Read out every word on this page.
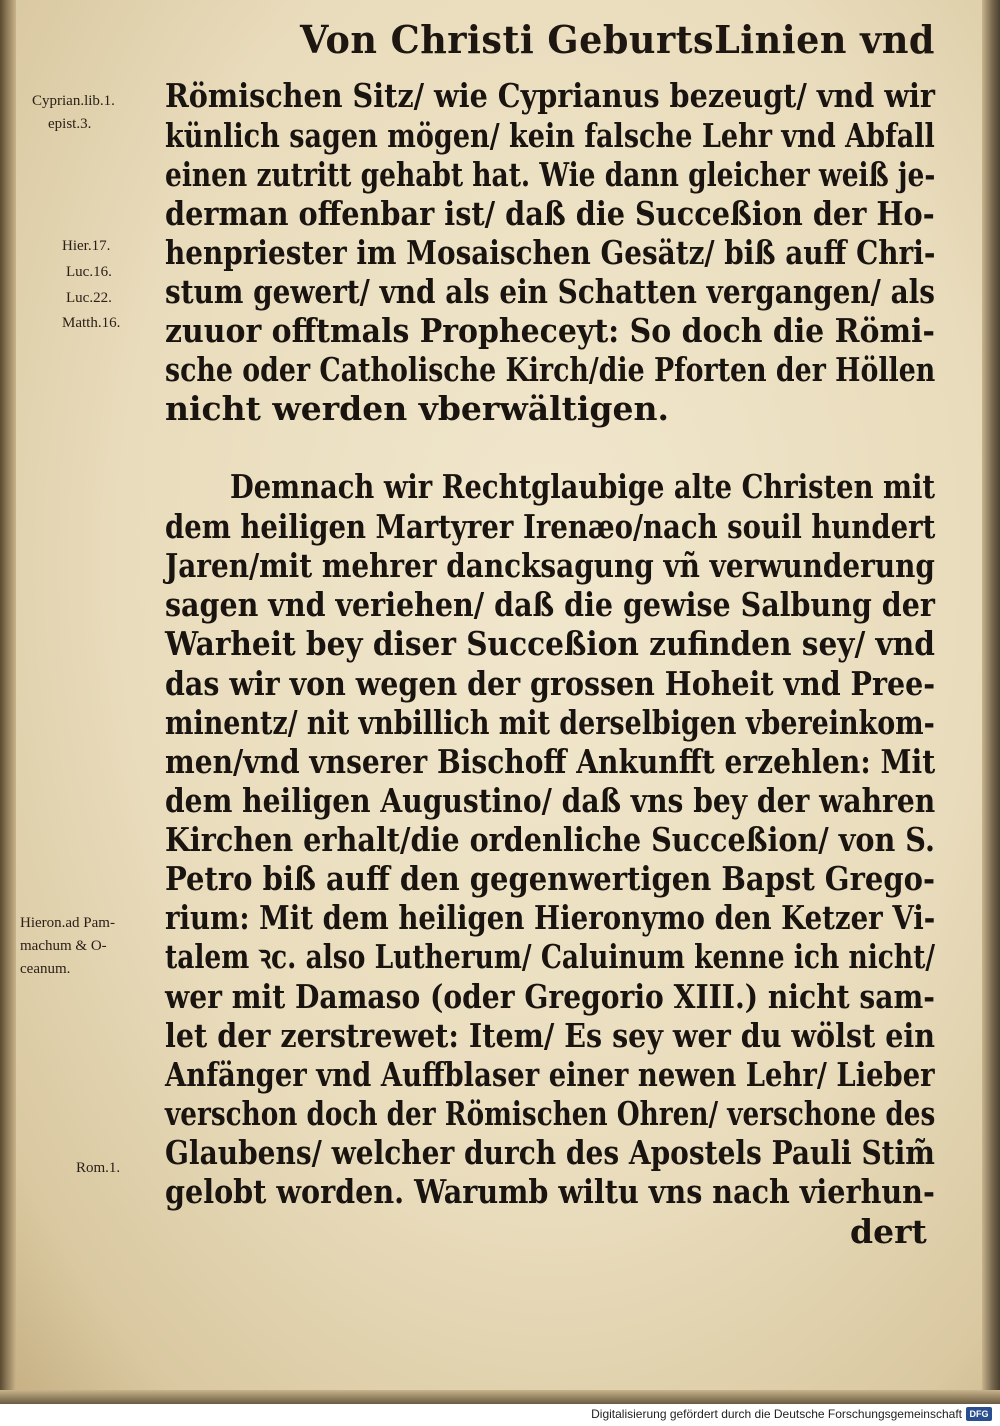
Von Christi GeburtsLinien vnd
Cyprian.lib.1.
epist.3.
Hier.17.
Luc.16.
Luc.22.
Matth.16.
Hieron.ad Pam-
machum & O-
ceanum.
Rom.1.
Römischen Sitz/ wie Cyprianus bezeugt/ vnd wir
künlich sagen mögen/ kein falsche Lehr vnd Abfall
einen zutritt gehabt hat. Wie dann gleicher weiß je-
derman offenbar ist/ daß die Succeßion der Ho-
henpriester im Mosaischen Gesätz/ biß auff Chri-
stum gewert/ vnd als ein Schatten vergangen/ als
zuuor offtmals Propheceyt: So doch die Römi-
sche oder Catholische Kirch/die Pforten der Höllen
nicht werden vberwältigen.
Demnach wir Rechtglaubige alte Christen mit
dem heiligen Martyrer Irenæo/nach souil hundert
Jaren/mit mehrer dancksagung vñ verwunderung
sagen vnd veriehen/ daß die gewise Salbung der
Warheit bey diser Succeßion zufinden sey/ vnd
das wir von wegen der grossen Hoheit vnd Pree-
minentz/ nit vnbillich mit derselbigen vbereinkom-
men/vnd vnserer Bischoff Ankunfft erzehlen: Mit
dem heiligen Augustino/ daß vns bey der wahren
Kirchen erhalt/die ordenliche Succeßion/ von S.
Petro biß auff den gegenwertigen Bapst Grego-
rium: Mit dem heiligen Hieronymo den Ketzer Vi-
talem ꝛc. also Lutherum/ Caluinum kenne ich nicht/
wer mit Damaso (oder Gregorio XIII.) nicht sam-
let der zerstrewet: Item/ Es sey wer du wölst ein
Anfänger vnd Auffblaser einer newen Lehr/ Lieber
verschon doch der Römischen Ohren/ verschone des
Glaubens/ welcher durch des Apostels Pauli Stim̃
gelobt worden. Warumb wiltu vns nach vierhun-
dert
Digitalisierung gefördert durch die Deutsche Forschungsgemeinschaft DFG
